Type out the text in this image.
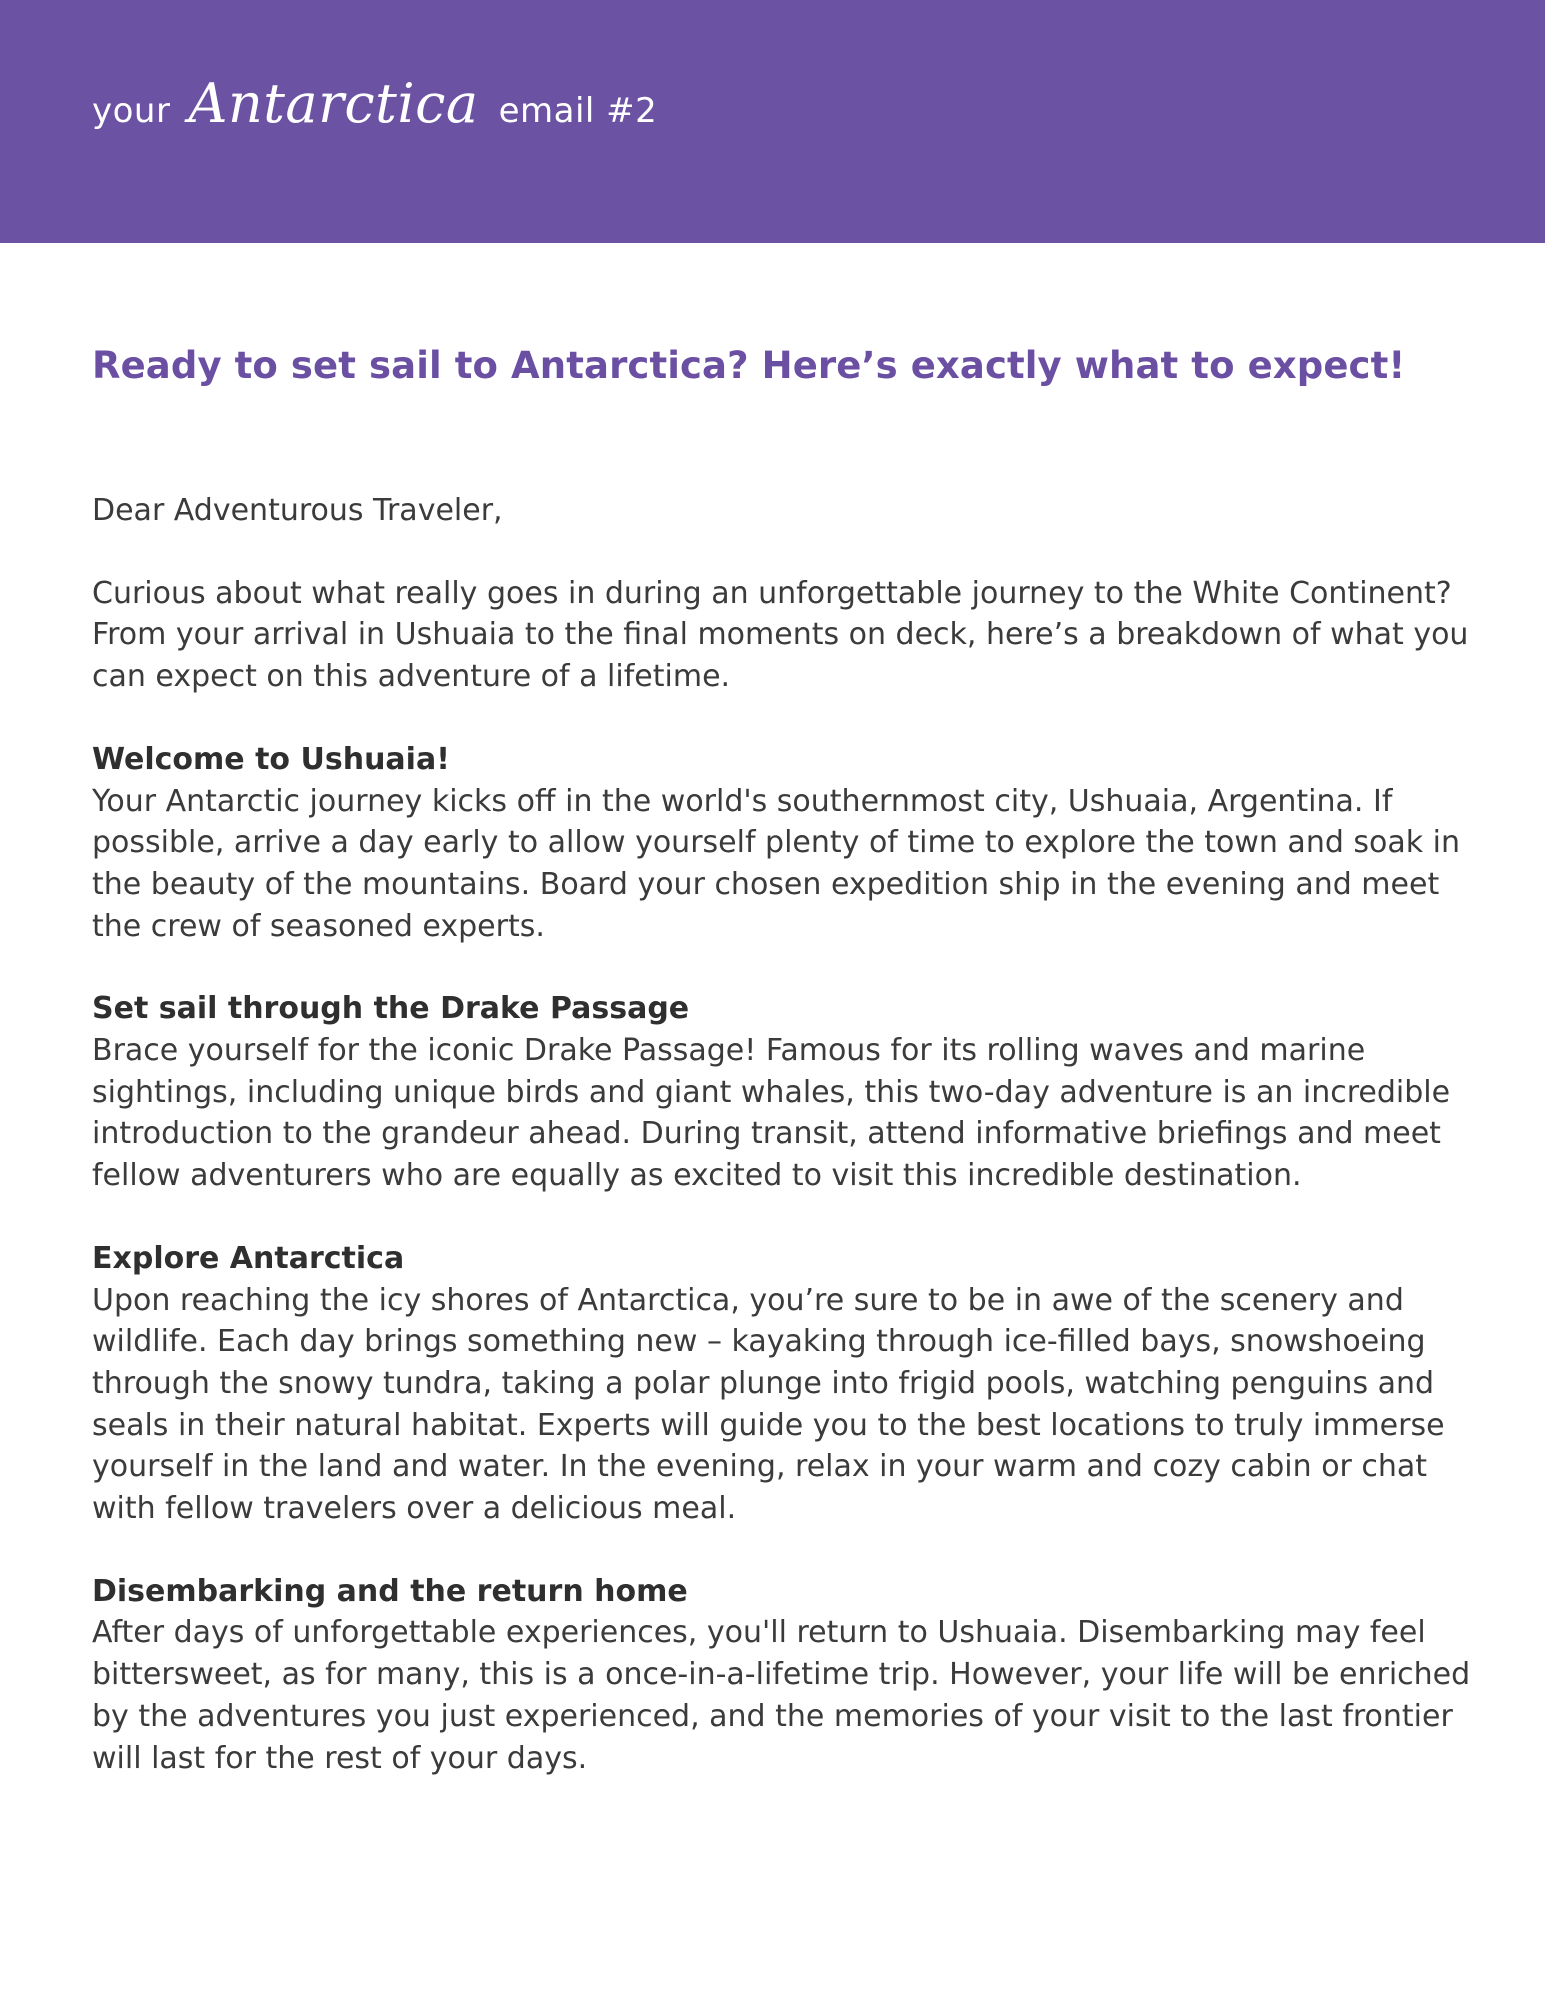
your Antarctica email #2
Ready to set sail to Antarctica? Here’s exactly what to expect!

Dear Adventurous Traveler,

Curious about what really goes in during an unforgettable journey to the White Continent? From your arrival in Ushuaia to the final moments on deck, here’s a breakdown of what you can expect on this adventure of a lifetime.

Welcome to Ushuaia!
Your Antarctic journey kicks off in the world's southernmost city, Ushuaia, Argentina. If possible, arrive a day early to allow yourself plenty of time to explore the town and soak in the beauty of the mountains. Board your chosen expedition ship in the evening and meet the crew of seasoned experts.
Set sail through the Drake Passage
Brace yourself for the iconic Drake Passage! Famous for its rolling waves and marine sightings, including unique birds and giant whales, this two-day adventure is an incredible introduction to the grandeur ahead. During transit, attend informative briefings and meet fellow adventurers who are equally as excited to visit this incredible destination.
Explore Antarctica
Upon reaching the icy shores of Antarctica, you’re sure to be in awe of the scenery and wildlife. Each day brings something new – kayaking through ice-filled bays, snowshoeing through the snowy tundra, taking a polar plunge into frigid pools, watching penguins and seals in their natural habitat. Experts will guide you to the best locations to truly immerse yourself in the land and water. In the evening, relax in your warm and cozy cabin or chat with fellow travelers over a delicious meal.
Disembarking and the return home
After days of unforgettable experiences, you'll return to Ushuaia. Disembarking may feel bittersweet, as for many, this is a once-in-a-lifetime trip. However, your life will be enriched by the adventures you just experienced, and the memories of your visit to the last frontier will last for the rest of your days.
